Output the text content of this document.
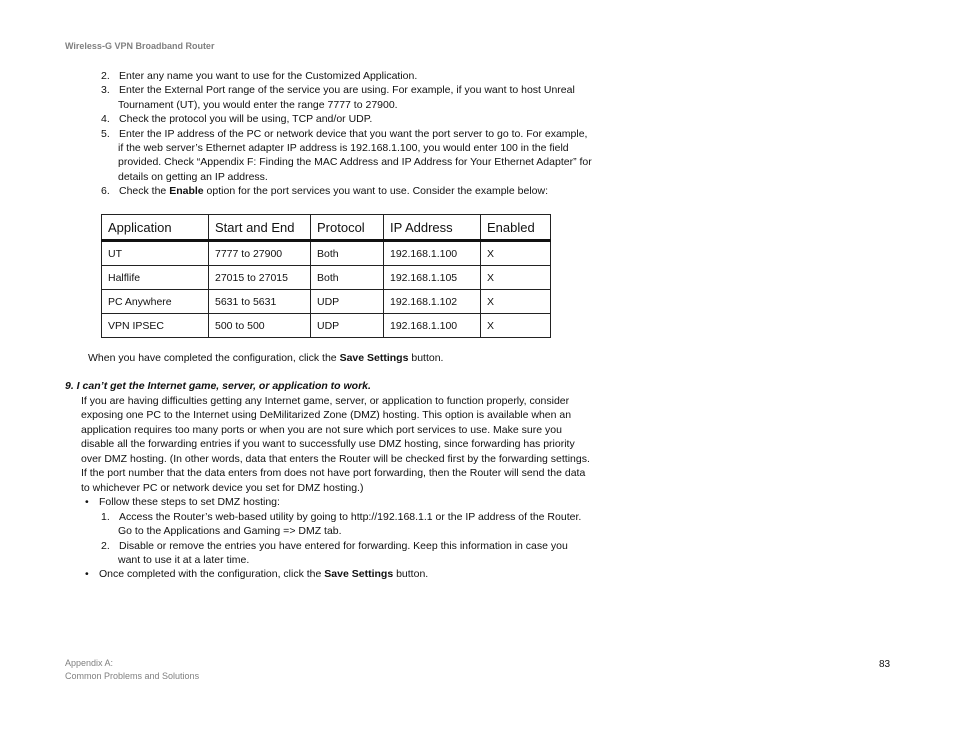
Wireless-G VPN Broadband Router
2. Enter any name you want to use for the Customized Application.
3. Enter the External Port range of the service you are using. For example, if you want to host Unreal
Tournament (UT), you would enter the range 7777 to 27900.
4. Check the protocol you will be using, TCP and/or UDP.
5. Enter the IP address of the PC or network device that you want the port server to go to. For example,
if the web server’s Ethernet adapter IP address is 192.168.1.100, you would enter 100 in the field
provided. Check “Appendix F: Finding the MAC Address and IP Address for Your Ethernet Adapter” for
details on getting an IP address.
6. Check the Enable option for the port services you want to use. Consider the example below:
Application	Start and End	Protocol	IP Address	Enabled
UT	7777 to 27900	Both	192.168.1.100	X
Halflife	27015 to 27015	Both	192.168.1.105	X
PC Anywhere	5631 to 5631	UDP	192.168.1.102	X
VPN IPSEC	500 to 500	UDP	192.168.1.100	X
When you have completed the configuration, click the Save Settings button.
9. I can’t get the Internet game, server, or application to work.
If you are having difficulties getting any Internet game, server, or application to function properly, consider
exposing one PC to the Internet using DeMilitarized Zone (DMZ) hosting. This option is available when an
application requires too many ports or when you are not sure which port services to use. Make sure you
disable all the forwarding entries if you want to successfully use DMZ hosting, since forwarding has priority
over DMZ hosting. (In other words, data that enters the Router will be checked first by the forwarding settings.
If the port number that the data enters from does not have port forwarding, then the Router will send the data
to whichever PC or network device you set for DMZ hosting.)
• Follow these steps to set DMZ hosting:
1. Access the Router’s web-based utility by going to http://192.168.1.1 or the IP address of the Router.
Go to the Applications and Gaming => DMZ tab.
2. Disable or remove the entries you have entered for forwarding. Keep this information in case you
want to use it at a later time.
• Once completed with the configuration, click the Save Settings button.
Appendix A:
Common Problems and Solutions
83
